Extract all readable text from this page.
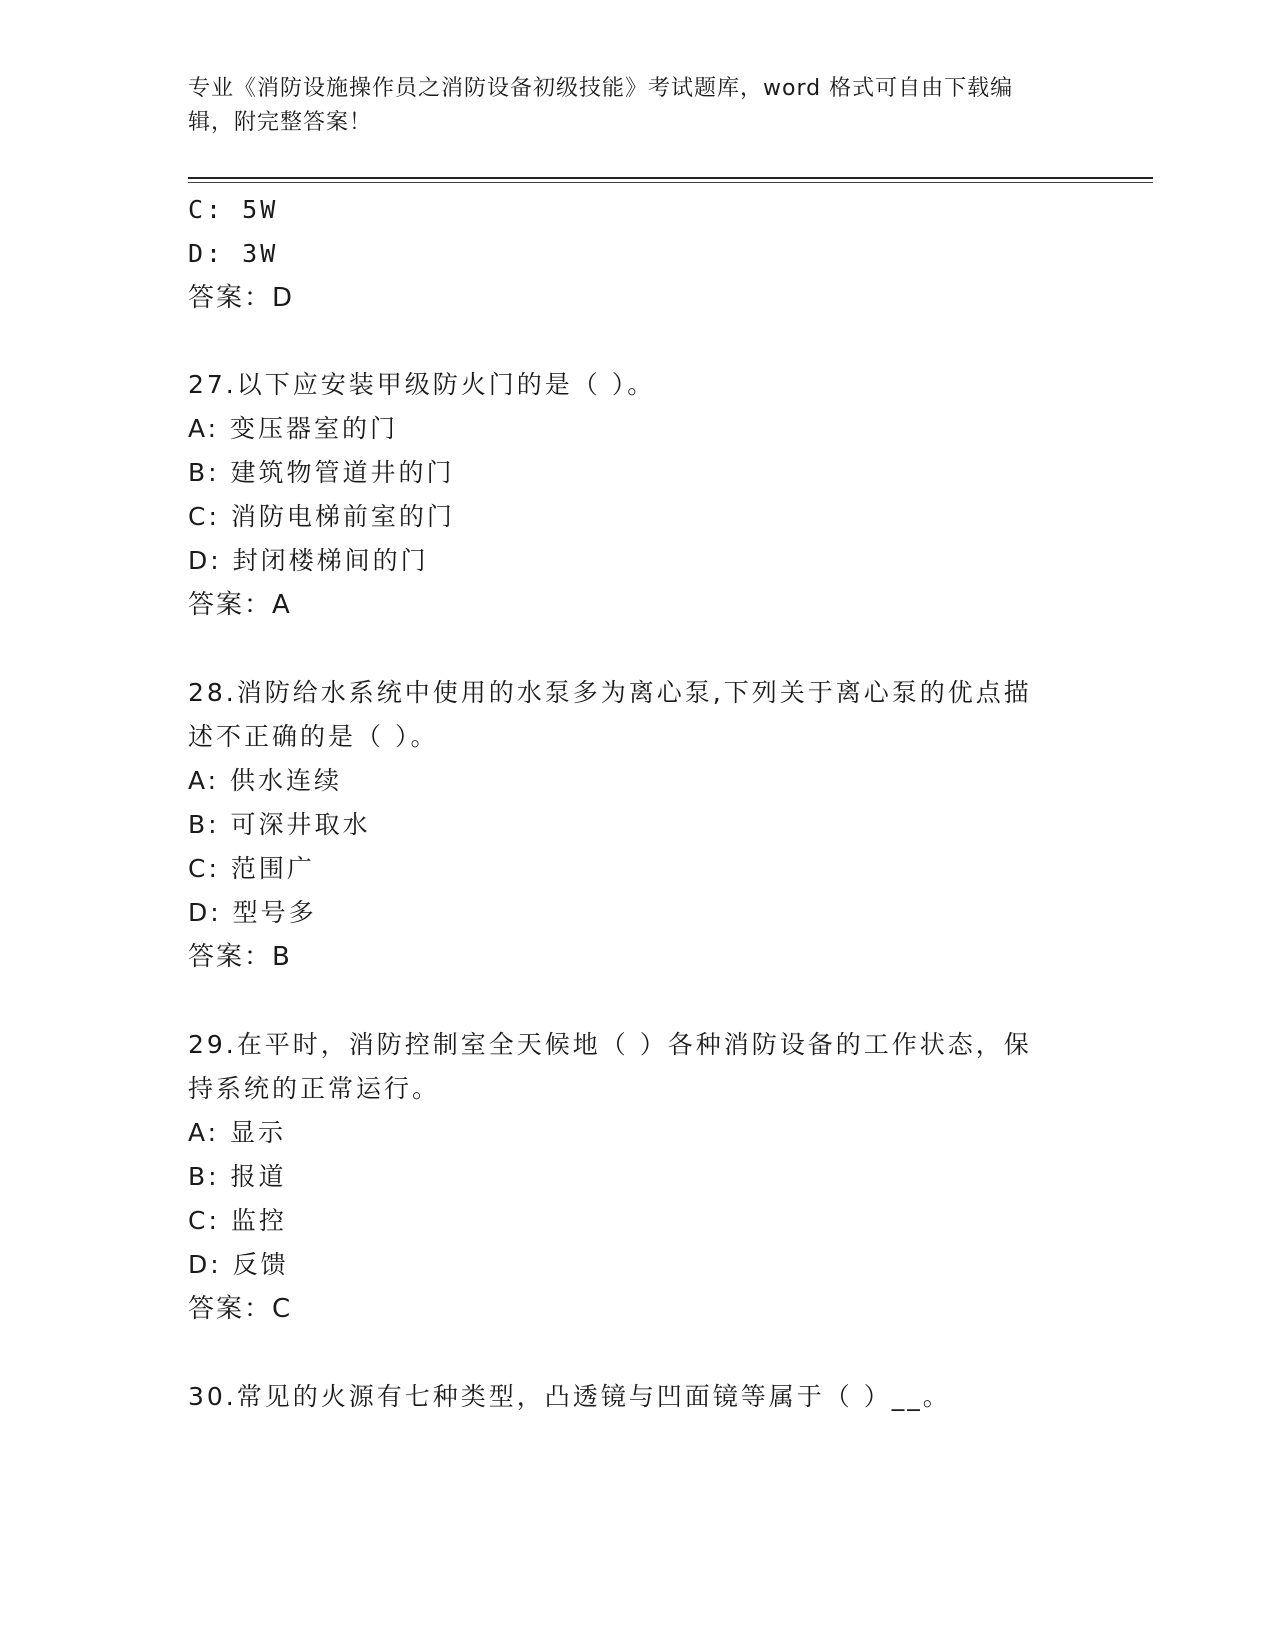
专业《消防设施操作员之消防设备初级技能》考试题库，word 格式可自由下载编
辑，附完整答案！
C: 5W
D: 3W
答案：D
27.以下应安装甲级防火门的是（ ）。
A: 变压器室的门
B: 建筑物管道井的门
C: 消防电梯前室的门
D: 封闭楼梯间的门
答案：A
28.消防给水系统中使用的水泵多为离心泵,下列关于离心泵的优点描
述不正确的是（ ）。
A: 供水连续
B: 可深井取水
C: 范围广
D: 型号多
答案：B
29.在平时，消防控制室全天候地（ ）各种消防设备的工作状态，保
持系统的正常运行。
A: 显示
B: 报道
C: 监控
D: 反馈
答案：C
30.常见的火源有七种类型，凸透镜与凹面镜等属于（ ）__。
